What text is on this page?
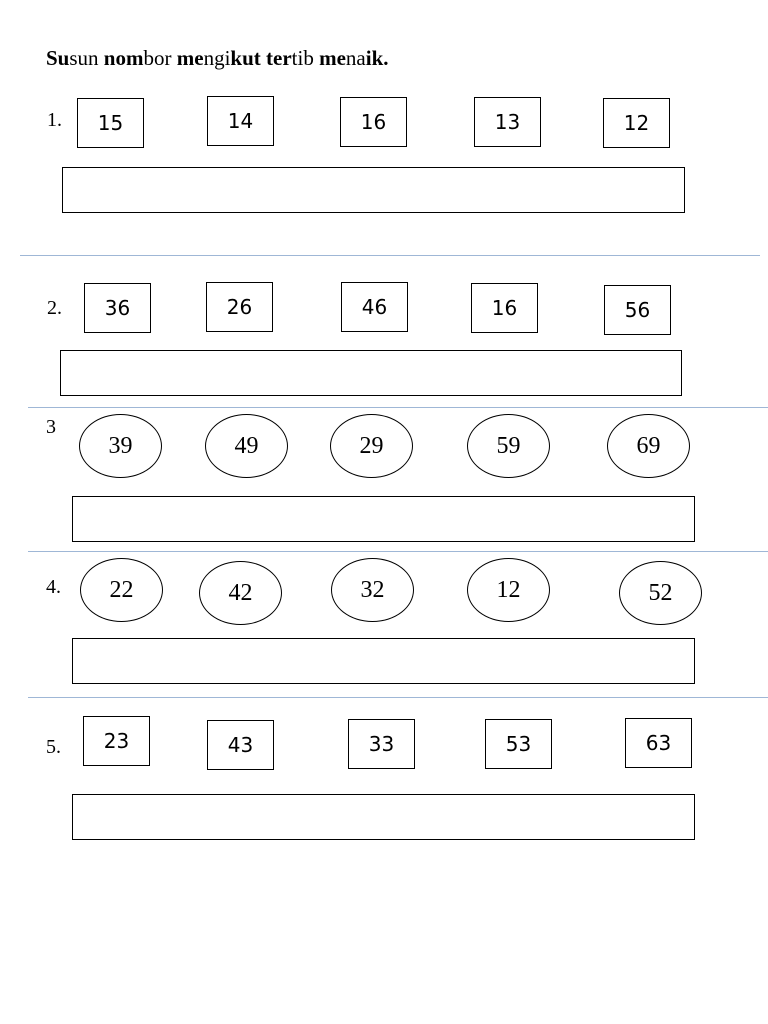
Susun nombor mengikut tertib menaik.
1.	15	14	16	13	12
2.	36	26	46	16	56
3
39	49	29	59	69
4.	22	42	32	12	52
5.	23	43	33	53	63
